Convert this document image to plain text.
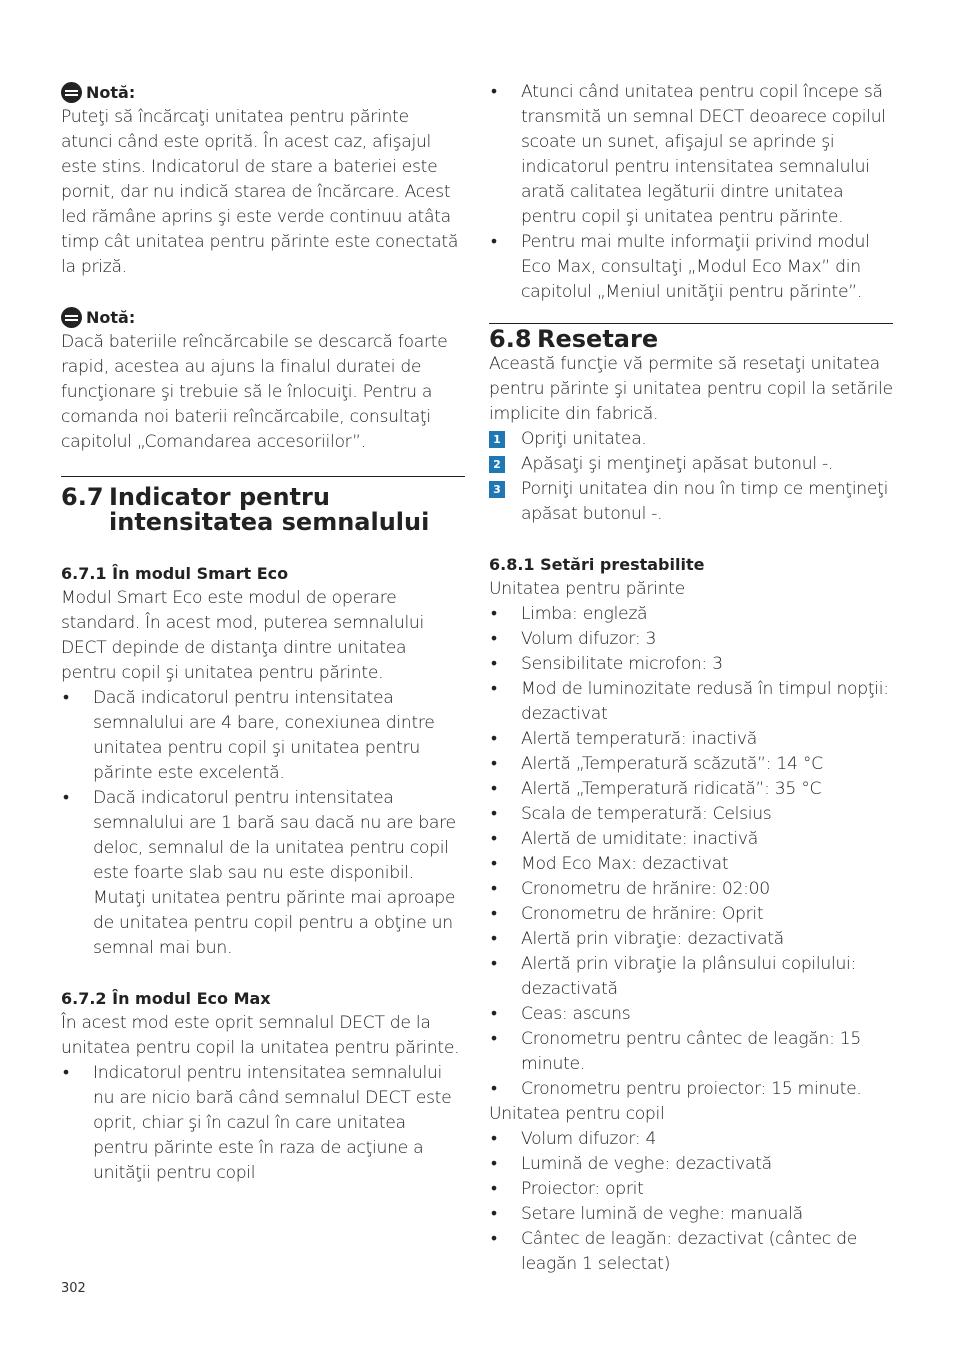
Notă:

Puteţi să încărcaţi unitatea pentru părinte atunci când este oprită. În acest caz, afişajul este stins. Indicatorul de stare a bateriei este pornit, dar nu indică starea de încărcare. Acest led rămâne aprins şi este verde continuu atâta timp cât unitatea pentru părinte este conectată la priză.

Notă:

Dacă bateriile reîncărcabile se descarcă foarte rapid, acestea au ajuns la finalul duratei de funcţionare şi trebuie să le înlocuiţi. Pentru a comanda noi baterii reîncărcabile, consultaţi capitolul „Comandarea accesoriilor”.

6.7 Indicator pentru intensitatea semnalului
6.7.1 În modul Smart Eco

Modul Smart Eco este modul de operare standard. În acest mod, puterea semnalului DECT depinde de distanţa dintre unitatea pentru copil şi unitatea pentru părinte.

• Dacă indicatorul pentru intensitatea semnalului are 4 bare, conexiunea dintre unitatea pentru copil şi unitatea pentru părinte este excelentă.
• Dacă indicatorul pentru intensitatea semnalului are 1 bară sau dacă nu are bare deloc, semnalul de la unitatea pentru copil este foarte slab sau nu este disponibil. Mutaţi unitatea pentru părinte mai aproape de unitatea pentru copil pentru a obţine un semnal mai bun.
6.7.2 În modul Eco Max

În acest mod este oprit semnalul DECT de la unitatea pentru copil la unitatea pentru părinte.

• Indicatorul pentru intensitatea semnalului nu are nicio bară când semnalul DECT este oprit, chiar şi în cazul în care unitatea pentru părinte este în raza de acţiune a unităţii pentru copil
• Atunci când unitatea pentru copil începe să transmită un semnal DECT deoarece copilul scoate un sunet, afişajul se aprinde şi indicatorul pentru intensitatea semnalului arată calitatea legăturii dintre unitatea pentru copil şi unitatea pentru părinte.
• Pentru mai multe informaţii privind modul Eco Max, consultaţi „Modul Eco Max” din capitolul „Meniul unităţii pentru părinte”.
6.8 Resetare

Această funcţie vă permite să resetaţi unitatea pentru părinte şi unitatea pentru copil la setările implicite din fabrică.

1 Opriţi unitatea.
2 Apăsaţi şi menţineţi apăsat butonul -.
3 Porniţi unitatea din nou în timp ce menţineţi apăsat butonul -.
6.8.1 Setări prestabilite

Unitatea pentru părinte

• Limba: engleză
• Volum difuzor: 3
• Sensibilitate microfon: 3
• Mod de luminozitate redusă în timpul nopţii: dezactivat
• Alertă temperatură: inactivă
• Alertă „Temperatură scăzută”: 14 °C
• Alertă „Temperatură ridicată”: 35 °C
• Scala de temperatură: Celsius
• Alertă de umiditate: inactivă
• Mod Eco Max: dezactivat
• Cronometru de hrănire: 02:00
• Cronometru de hrănire: Oprit
• Alertă prin vibraţie: dezactivată
• Alertă prin vibraţie la plânsului copilului: dezactivată
• Ceas: ascuns
• Cronometru pentru cântec de leagăn: 15 minute.
• Cronometru pentru proiector: 15 minute.

Unitatea pentru copil

• Volum difuzor: 4
• Lumină de veghe: dezactivată
• Proiector: oprit
• Setare lumină de veghe: manuală
• Cântec de leagăn: dezactivat (cântec de leagăn 1 selectat)
302
